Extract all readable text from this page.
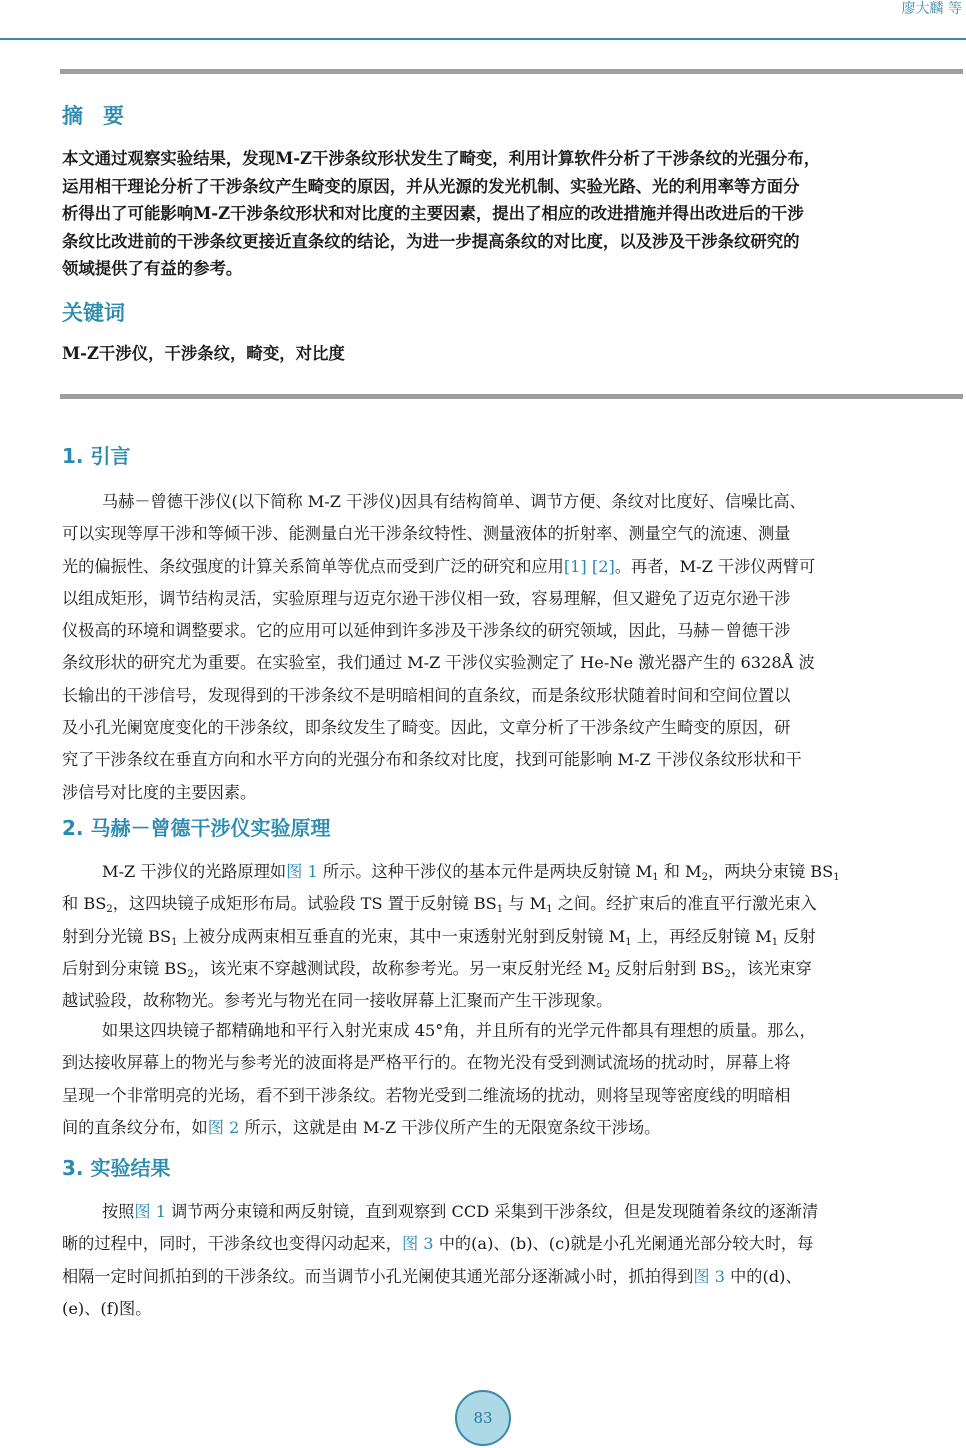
廖大麟 等
摘 要
本文通过观察实验结果，发现M-Z干涉条纹形状发生了畸变，利用计算软件分析了干涉条纹的光强分布，
运用相干理论分析了干涉条纹产生畸变的原因，并从光源的发光机制、实验光路、光的利用率等方面分
析得出了可能影响M-Z干涉条纹形状和对比度的主要因素，提出了相应的改进措施并得出改进后的干涉
条纹比改进前的干涉条纹更接近直条纹的结论，为进一步提高条纹的对比度，以及涉及干涉条纹研究的
领域提供了有益的参考。
关键词
M-Z干涉仪，干涉条纹，畸变，对比度
1. 引言
马赫－曾德干涉仪(以下简称 M-Z 干涉仪)因具有结构简单、调节方便、条纹对比度好、信噪比高、
可以实现等厚干涉和等倾干涉、能测量白光干涉条纹特性、测量液体的折射率、测量空气的流速、测量
光的偏振性、条纹强度的计算关系简单等优点而受到广泛的研究和应用[1] [2]。再者，M-Z 干涉仪两臂可
以组成矩形，调节结构灵活，实验原理与迈克尔逊干涉仪相一致，容易理解，但又避免了迈克尔逊干涉
仪极高的环境和调整要求。它的应用可以延伸到许多涉及干涉条纹的研究领域，因此，马赫－曾德干涉
条纹形状的研究尤为重要。在实验室，我们通过 M-Z 干涉仪实验测定了 He-Ne 激光器产生的 6328Å 波
长输出的干涉信号，发现得到的干涉条纹不是明暗相间的直条纹，而是条纹形状随着时间和空间位置以
及小孔光阑宽度变化的干涉条纹，即条纹发生了畸变。因此，文章分析了干涉条纹产生畸变的原因，研
究了干涉条纹在垂直方向和水平方向的光强分布和条纹对比度，找到可能影响 M-Z 干涉仪条纹形状和干
涉信号对比度的主要因素。
2. 马赫－曾德干涉仪实验原理
M-Z 干涉仪的光路原理如图 1 所示。这种干涉仪的基本元件是两块反射镜 $M_1$ 和 $M_2$，两块分束镜 $BS_1$
和 $BS_2$，这四块镜子成矩形布局。试验段 TS 置于反射镜 $BS_1$ 与 $M_1$ 之间。经扩束后的准直平行激光束入
射到分光镜 $BS_1$ 上被分成两束相互垂直的光束，其中一束透射光射到反射镜 $M_1$ 上，再经反射镜 $M_1$ 反射
后射到分束镜 $BS_2$，该光束不穿越测试段，故称参考光。另一束反射光经 $M_2$ 反射后射到 $BS_2$，该光束穿
越试验段，故称物光。参考光与物光在同一接收屏幕上汇聚而产生干涉现象。
如果这四块镜子都精确地和平行入射光束成 45°角，并且所有的光学元件都具有理想的质量。那么，
到达接收屏幕上的物光与参考光的波面将是严格平行的。在物光没有受到测试流场的扰动时，屏幕上将
呈现一个非常明亮的光场，看不到干涉条纹。若物光受到二维流场的扰动，则将呈现等密度线的明暗相
间的直条纹分布，如图 2 所示，这就是由 M-Z 干涉仪所产生的无限宽条纹干涉场。
3. 实验结果
按照图 1 调节两分束镜和两反射镜，直到观察到 CCD 采集到干涉条纹，但是发现随着条纹的逐渐清
晰的过程中，同时，干涉条纹也变得闪动起来，图 3 中的(a)、(b)、(c)就是小孔光阑通光部分较大时，每
相隔一定时间抓拍到的干涉条纹。而当调节小孔光阑使其通光部分逐渐减小时，抓拍得到图 3 中的(d)、
(e)、(f)图。
83
